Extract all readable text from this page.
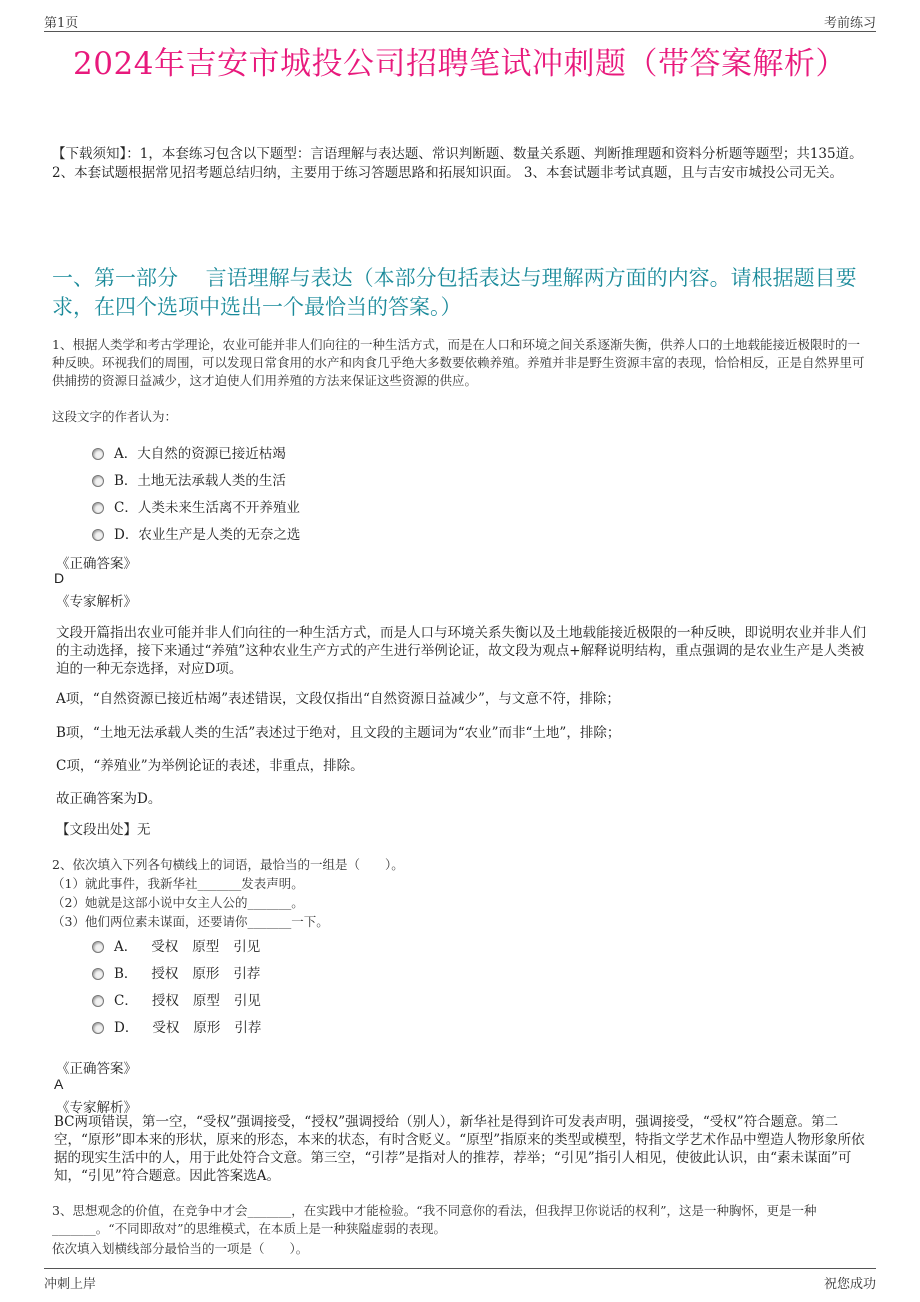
第1页	考前练习
2024年吉安市城投公司招聘笔试冲刺题（带答案解析）
【下载须知】：1，本套练习包含以下题型：言语理解与表达题、常识判断题、数量关系题、判断推理题和资料分析题等题型；共135道。 2、本套试题根据常见招考题总结归纳，主要用于练习答题思路和拓展知识面。 3、本套试题非考试真题，且与吉安市城投公司无关。
一、第一部分　 言语理解与表达（本部分包括表达与理解两方面的内容。请根据题目要求，在四个选项中选出一个最恰当的答案。）
1、根据人类学和考古学理论，农业可能并非人们向往的一种生活方式，而是在人口和环境之间关系逐渐失衡，供养人口的土地载能接近极限时的一种反映。环视我们的周围，可以发现日常食用的水产和肉食几乎绝大多数要依赖养殖。养殖并非是野生资源丰富的表现，恰恰相反，正是自然界里可供捕捞的资源日益减少，这才迫使人们用养殖的方法来保证这些资源的供应。
这段文字的作者认为：
A．大自然的资源已接近枯竭
B．土地无法承载人类的生活
C．人类未来生活离不开养殖业
D．农业生产是人类的无奈之选
《正确答案》
D
《专家解析》
文段开篇指出农业可能并非人们向往的一种生活方式，而是人口与环境关系失衡以及土地载能接近极限的一种反映，即说明农业并非人们的主动选择，接下来通过“养殖”这种农业生产方式的产生进行举例论证，故文段为观点+解释说明结构，重点强调的是农业生产是人类被迫的一种无奈选择，对应D项。
A项，“自然资源已接近枯竭”表述错误，文段仅指出“自然资源日益减少”，与文意不符，排除；
B项，“土地无法承载人类的生活”表述过于绝对，且文段的主题词为“农业”而非“土地”，排除；
C项，“养殖业”为举例论证的表述，非重点，排除。
故正确答案为D。
【文段出处】无
2、依次填入下列各句横线上的词语，最恰当的一组是（　　）。
（1）就此事件，我新华社_______发表声明。
（2）她就是这部小说中女主人公的_______。
（3）他们两位素未谋面，还要请你_______一下。
A． 受权 原型 引见
B． 授权 原形 引荐
C． 授权 原型 引见
D． 受权 原形 引荐
《正确答案》
A
《专家解析》
BC两项错误，第一空，“受权”强调接受，“授权”强调授给（别人），新华社是得到许可发表声明，强调接受，“受权”符合题意。第二空，“原形”即本来的形状，原来的形态，本来的状态，有时含贬义。“原型”指原来的类型或模型，特指文学艺术作品中塑造人物形象所依据的现实生活中的人，用于此处符合文意。第三空，“引荐”是指对人的推荐，荐举；“引见”指引人相见，使彼此认识，由“素未谋面”可知，“引见”符合题意。因此答案选A。
3、思想观念的价值，在竞争中才会_______，在实践中才能检验。“我不同意你的看法，但我捍卫你说话的权利”，这是一种胸怀，更是一种_______。“不同即敌对”的思维模式，在本质上是一种狭隘虚弱的表现。
依次填入划横线部分最恰当的一项是（　　）。
冲刺上岸	祝您成功
